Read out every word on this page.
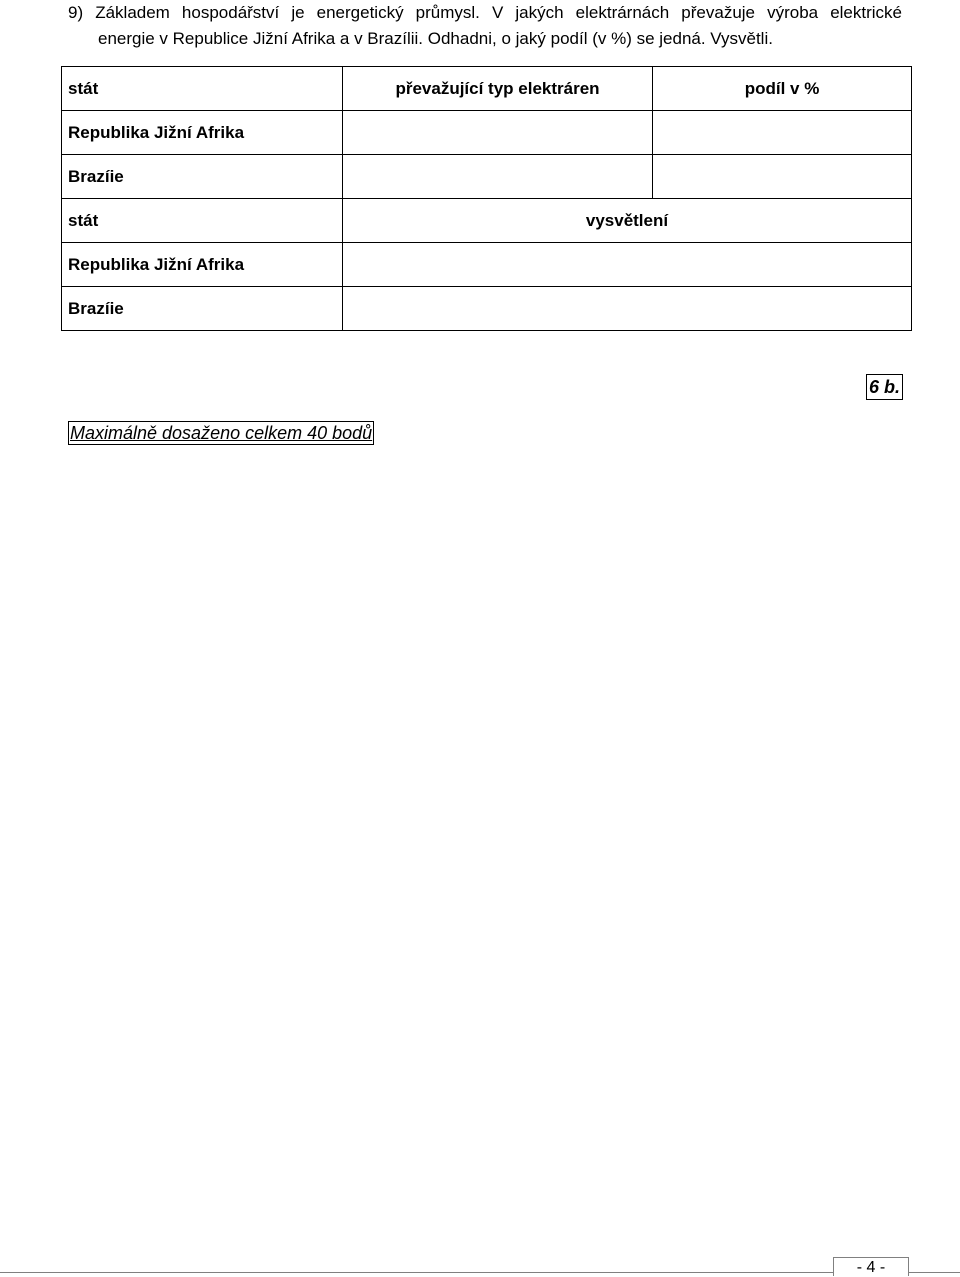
9) Základem hospodářství je energetický průmysl. V jakých elektrárnách převažuje výroba elektrické
energie v Republice Jižní Afrika a v Brazílii. Odhadni, o jaký podíl (v %) se jedná. Vysvětli.
stát	převažující typ elektráren	podíl v %
Republika Jižní Afrika		
Brazíie		
stát	vysvětlení	
Republika Jižní Afrika		
Brazíie		
6 b.
Maximálně dosaženo celkem 40 bodů
- 4 -
